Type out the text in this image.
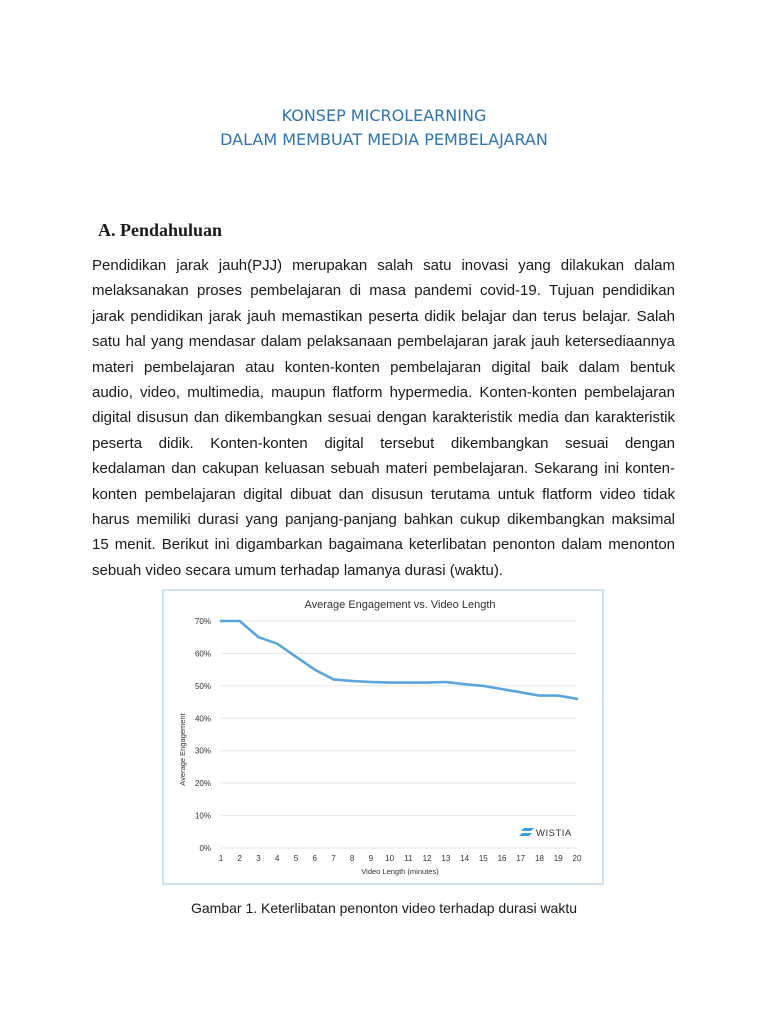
KONSEP MICROLEARNING
DALAM MEMBUAT MEDIA PEMBELAJARAN
A. Pendahuluan
Pendidikan jarak jauh(PJJ) merupakan salah satu inovasi yang dilakukan dalam
melaksanakan proses pembelajaran di masa pandemi covid-19. Tujuan pendidikan
jarak pendidikan jarak jauh memastikan peserta didik belajar dan terus belajar. Salah
satu hal yang mendasar dalam pelaksanaan pembelajaran jarak jauh ketersediaannya
materi pembelajaran atau konten-konten pembelajaran digital baik dalam bentuk
audio, video, multimedia, maupun flatform hypermedia. Konten-konten pembelajaran
digital disusun dan dikembangkan sesuai dengan karakteristik media dan karakteristik
peserta didik. Konten-konten digital tersebut dikembangkan sesuai dengan
kedalaman dan cakupan keluasan sebuah materi pembelajaran. Sekarang ini konten-
konten pembelajaran digital dibuat dan disusun terutama untuk flatform video tidak
harus memiliki durasi yang panjang-panjang bahkan cukup dikembangkan maksimal
15 menit. Berikut ini digambarkan bagaimana keterlibatan penonton dalam menonton
sebuah video secara umum terhadap lamanya durasi (waktu).
Average Engagement vs. Video Length
0%
10%
20%
30%
40%
50%
60%
70%
1 2 3 4 5 6 7 8 9 10 11 12 13 14 15 16 17 18 19 20
Video Length (minutes)
Average Engagement
WISTIA
Gambar 1. Keterlibatan penonton video terhadap durasi waktu
